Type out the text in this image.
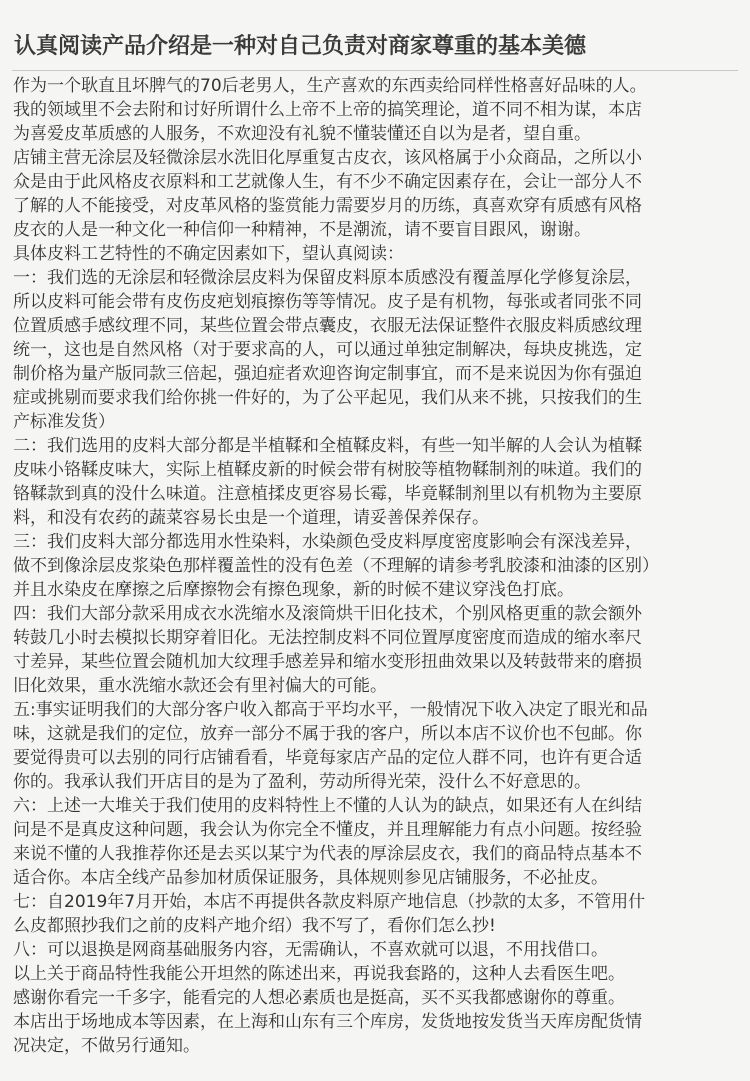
认真阅读产品介绍是一种对自己负责对商家尊重的基本美德
作为一个耿直且坏脾气的70后老男人，生产喜欢的东西卖给同样性格喜好品味的人。
我的领域里不会去附和讨好所谓什么上帝不上帝的搞笑理论，道不同不相为谋，本店
为喜爱皮革质感的人服务，不欢迎没有礼貌不懂装懂还自以为是者，望自重。
店铺主营无涂层及轻微涂层水洗旧化厚重复古皮衣，该风格属于小众商品，之所以小
众是由于此风格皮衣原料和工艺就像人生，有不少不确定因素存在，会让一部分人不
了解的人不能接受，对皮革风格的鉴赏能力需要岁月的历练，真喜欢穿有质感有风格
皮衣的人是一种文化一种信仰一种精神，不是潮流，请不要盲目跟风，谢谢。
具体皮料工艺特性的不确定因素如下，望认真阅读：
一：我们选的无涂层和轻微涂层皮料为保留皮料原本质感没有覆盖厚化学修复涂层，
所以皮料可能会带有皮伤皮疤划痕擦伤等等情况。皮子是有机物，每张或者同张不同
位置质感手感纹理不同，某些位置会带点囊皮，衣服无法保证整件衣服皮料质感纹理
统一，这也是自然风格（对于要求高的人，可以通过单独定制解决，每块皮挑选，定
制价格为量产版同款三倍起，强迫症者欢迎咨询定制事宜，而不是来说因为你有强迫
症或挑剔而要求我们给你挑一件好的，为了公平起见，我们从来不挑，只按我们的生
产标准发货）
二：我们选用的皮料大部分都是半植鞣和全植鞣皮料，有些一知半解的人会认为植鞣
皮味小铬鞣皮味大，实际上植鞣皮新的时候会带有树胶等植物鞣制剂的味道。我们的
铬鞣款到真的没什么味道。注意植揉皮更容易长霉，毕竟鞣制剂里以有机物为主要原
料，和没有农药的蔬菜容易长虫是一个道理，请妥善保养保存。
三：我们皮料大部分都选用水性染料，水染颜色受皮料厚度密度影响会有深浅差异，
做不到像涂层皮浆染色那样覆盖性的没有色差（不理解的请参考乳胶漆和油漆的区别）
并且水染皮在摩擦之后摩擦物会有擦色现象，新的时候不建议穿浅色打底。
四：我们大部分款采用成衣水洗缩水及滚筒烘干旧化技术，个别风格更重的款会额外
转鼓几小时去模拟长期穿着旧化。无法控制皮料不同位置厚度密度而造成的缩水率尺
寸差异，某些位置会随机加大纹理手感差异和缩水变形扭曲效果以及转鼓带来的磨损
旧化效果，重水洗缩水款还会有里衬偏大的可能。
五:事实证明我们的大部分客户收入都高于平均水平，一般情况下收入决定了眼光和品
味，这就是我们的定位，放弃一部分不属于我的客户，所以本店不议价也不包邮。你
要觉得贵可以去别的同行店铺看看，毕竟每家店产品的定位人群不同，也许有更合适
你的。我承认我们开店目的是为了盈利，劳动所得光荣，没什么不好意思的。
六：上述一大堆关于我们使用的皮料特性上不懂的人认为的缺点，如果还有人在纠结
问是不是真皮这种问题，我会认为你完全不懂皮，并且理解能力有点小问题。按经验
来说不懂的人我推荐你还是去买以某宁为代表的厚涂层皮衣，我们的商品特点基本不
适合你。本店全线产品参加材质保证服务，具体规则参见店铺服务，不必扯皮。
七：自2019年7月开始，本店不再提供各款皮料原产地信息（抄款的太多，不管用什
么皮都照抄我们之前的皮料产地介绍）我不写了，看你们怎么抄!
八：可以退换是网商基础服务内容，无需确认，不喜欢就可以退，不用找借口。
以上关于商品特性我能公开坦然的陈述出来，再说我套路的，这种人去看医生吧。
感谢你看完一千多字，能看完的人想必素质也是挺高，买不买我都感谢你的尊重。
本店出于场地成本等因素，在上海和山东有三个库房，发货地按发货当天库房配货情
况决定，不做另行通知。
